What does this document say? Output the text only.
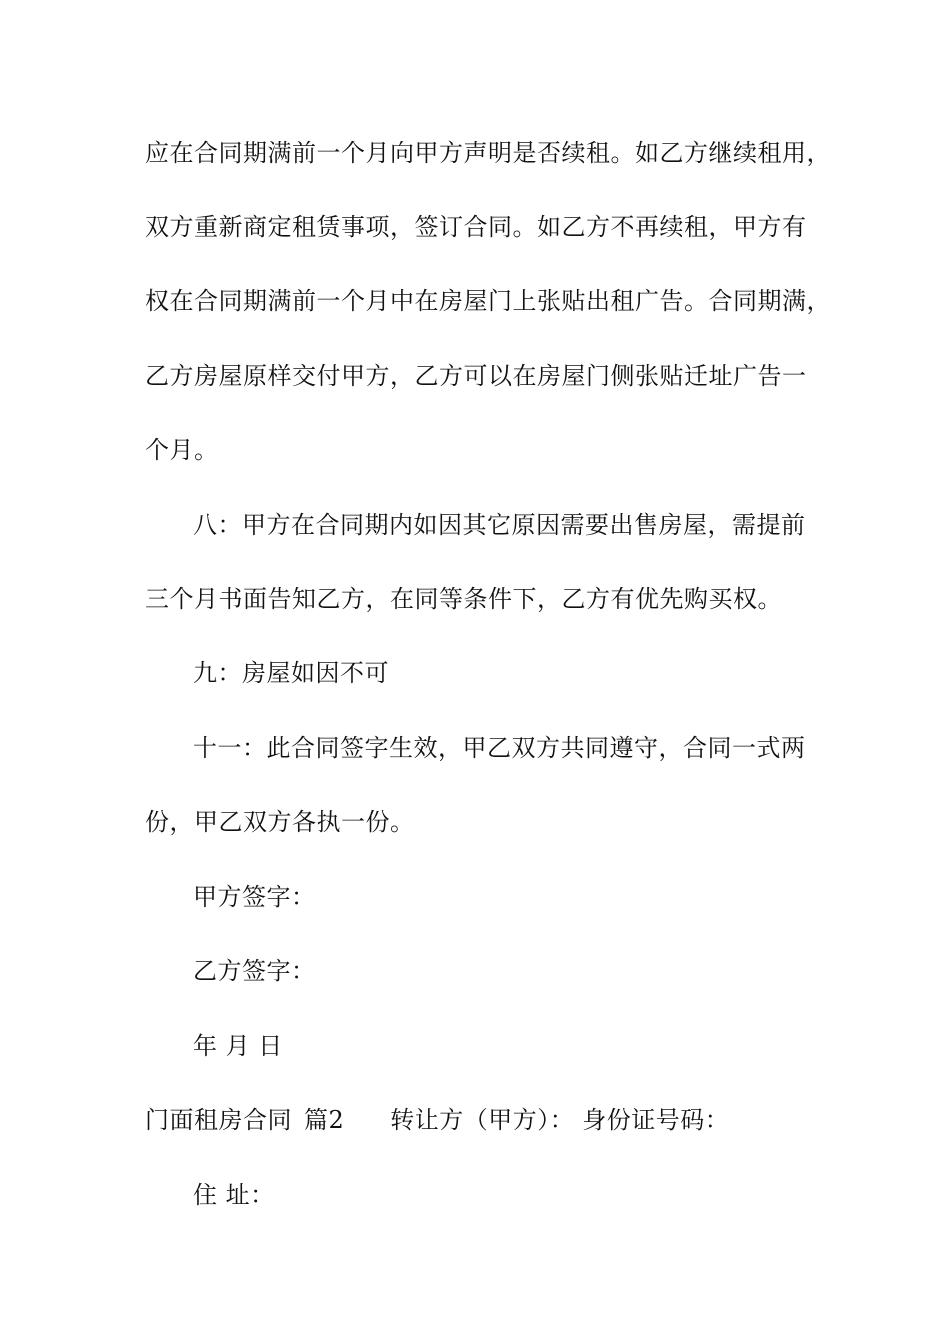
应在合同期满前一个月向甲方声明是否续租。如乙方继续租用，
双方重新商定租赁事项，签订合同。如乙方不再续租，甲方有
权在合同期满前一个月中在房屋门上张贴出租广告。合同期满，
乙方房屋原样交付甲方，乙方可以在房屋门侧张贴迁址广告一
个月。
八：甲方在合同期内如因其它原因需要出售房屋，需提前
三个月书面告知乙方，在同等条件下，乙方有优先购买权。
九：房屋如因不可
十一：此合同签字生效，甲乙双方共同遵守，合同一式两
份，甲乙双方各执一份。
甲方签字：
乙方签字：
年 月 日
门面租房合同 篇2 转让方（甲方）： 身份证号码：
住 址：
